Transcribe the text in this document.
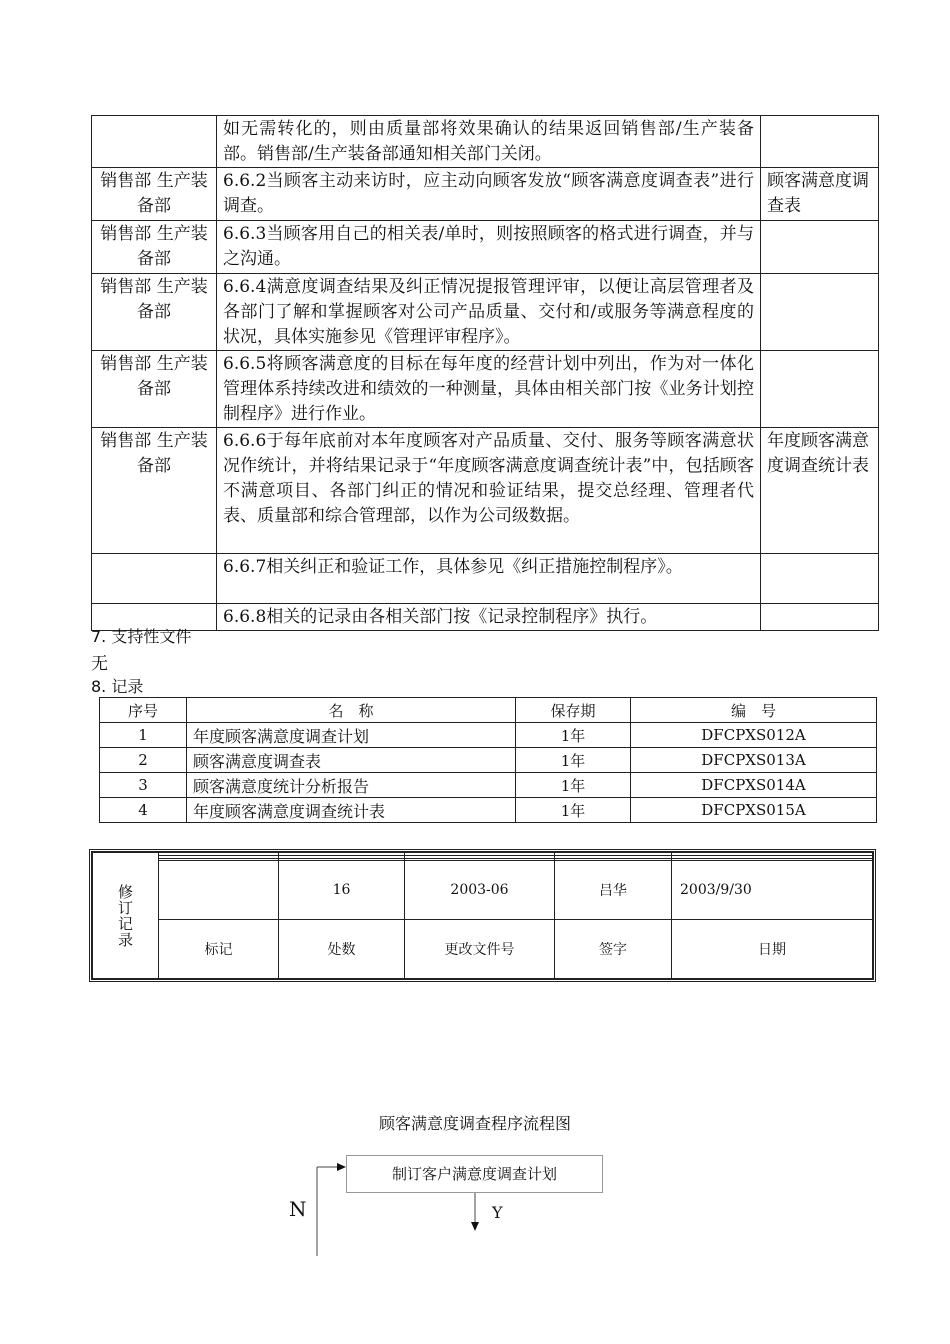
	如无需转化的，则由质量部将效果确认的结果返回销售部/生产装备部。销售部/生产装备部通知相关部门关闭。	
销售部 生产装备部	6.6.2当顾客主动来访时，应主动向顾客发放“顾客满意度调查表”进行调查。	顾客满意度调查表
销售部 生产装备部	6.6.3当顾客用自己的相关表/单时，则按照顾客的格式进行调查，并与之沟通。	
销售部 生产装备部	6.6.4满意度调查结果及纠正情况提报管理评审，以便让高层管理者及各部门了解和掌握顾客对公司产品质量、交付和/或服务等满意程度的状况，具体实施参见《管理评审程序》。	
销售部 生产装备部	6.6.5将顾客满意度的目标在每年度的经营计划中列出，作为对一体化管理体系持续改进和绩效的一种测量，具体由相关部门按《业务计划控制程序》进行作业。	
销售部 生产装备部	6.6.6于每年底前对本年度顾客对产品质量、交付、服务等顾客满意状况作统计，并将结果记录于“年度顾客满意度调查统计表”中，包括顾客不满意项目、各部门纠正的情况和验证结果，提交总经理、管理者代表、质量部和综合管理部，以作为公司级数据。	年度顾客满意度调查统计表
	6.6.7相关纠正和验证工作，具体参见《纠正措施控制程序》。	
	6.6.8相关的记录由各相关部门按《记录控制程序》执行。	
7. 支持性文件
无
8. 记录
序号	名　称	保存期	编　号
1	年度顾客满意度调查计划	1年	DFCPXS012A
2	顾客满意度调查表	1年	DFCPXS013A
3	顾客满意度统计分析报告	1年	DFCPXS014A
4	年度顾客满意度调查统计表	1年	DFCPXS015A
修
订
记
录					

		16	2003-06	吕华	2003/9/30
	标记	处数	更改文件号	签字	日期
顾客满意度调查程序流程图
制订客户满意度调查计划
N	Y
